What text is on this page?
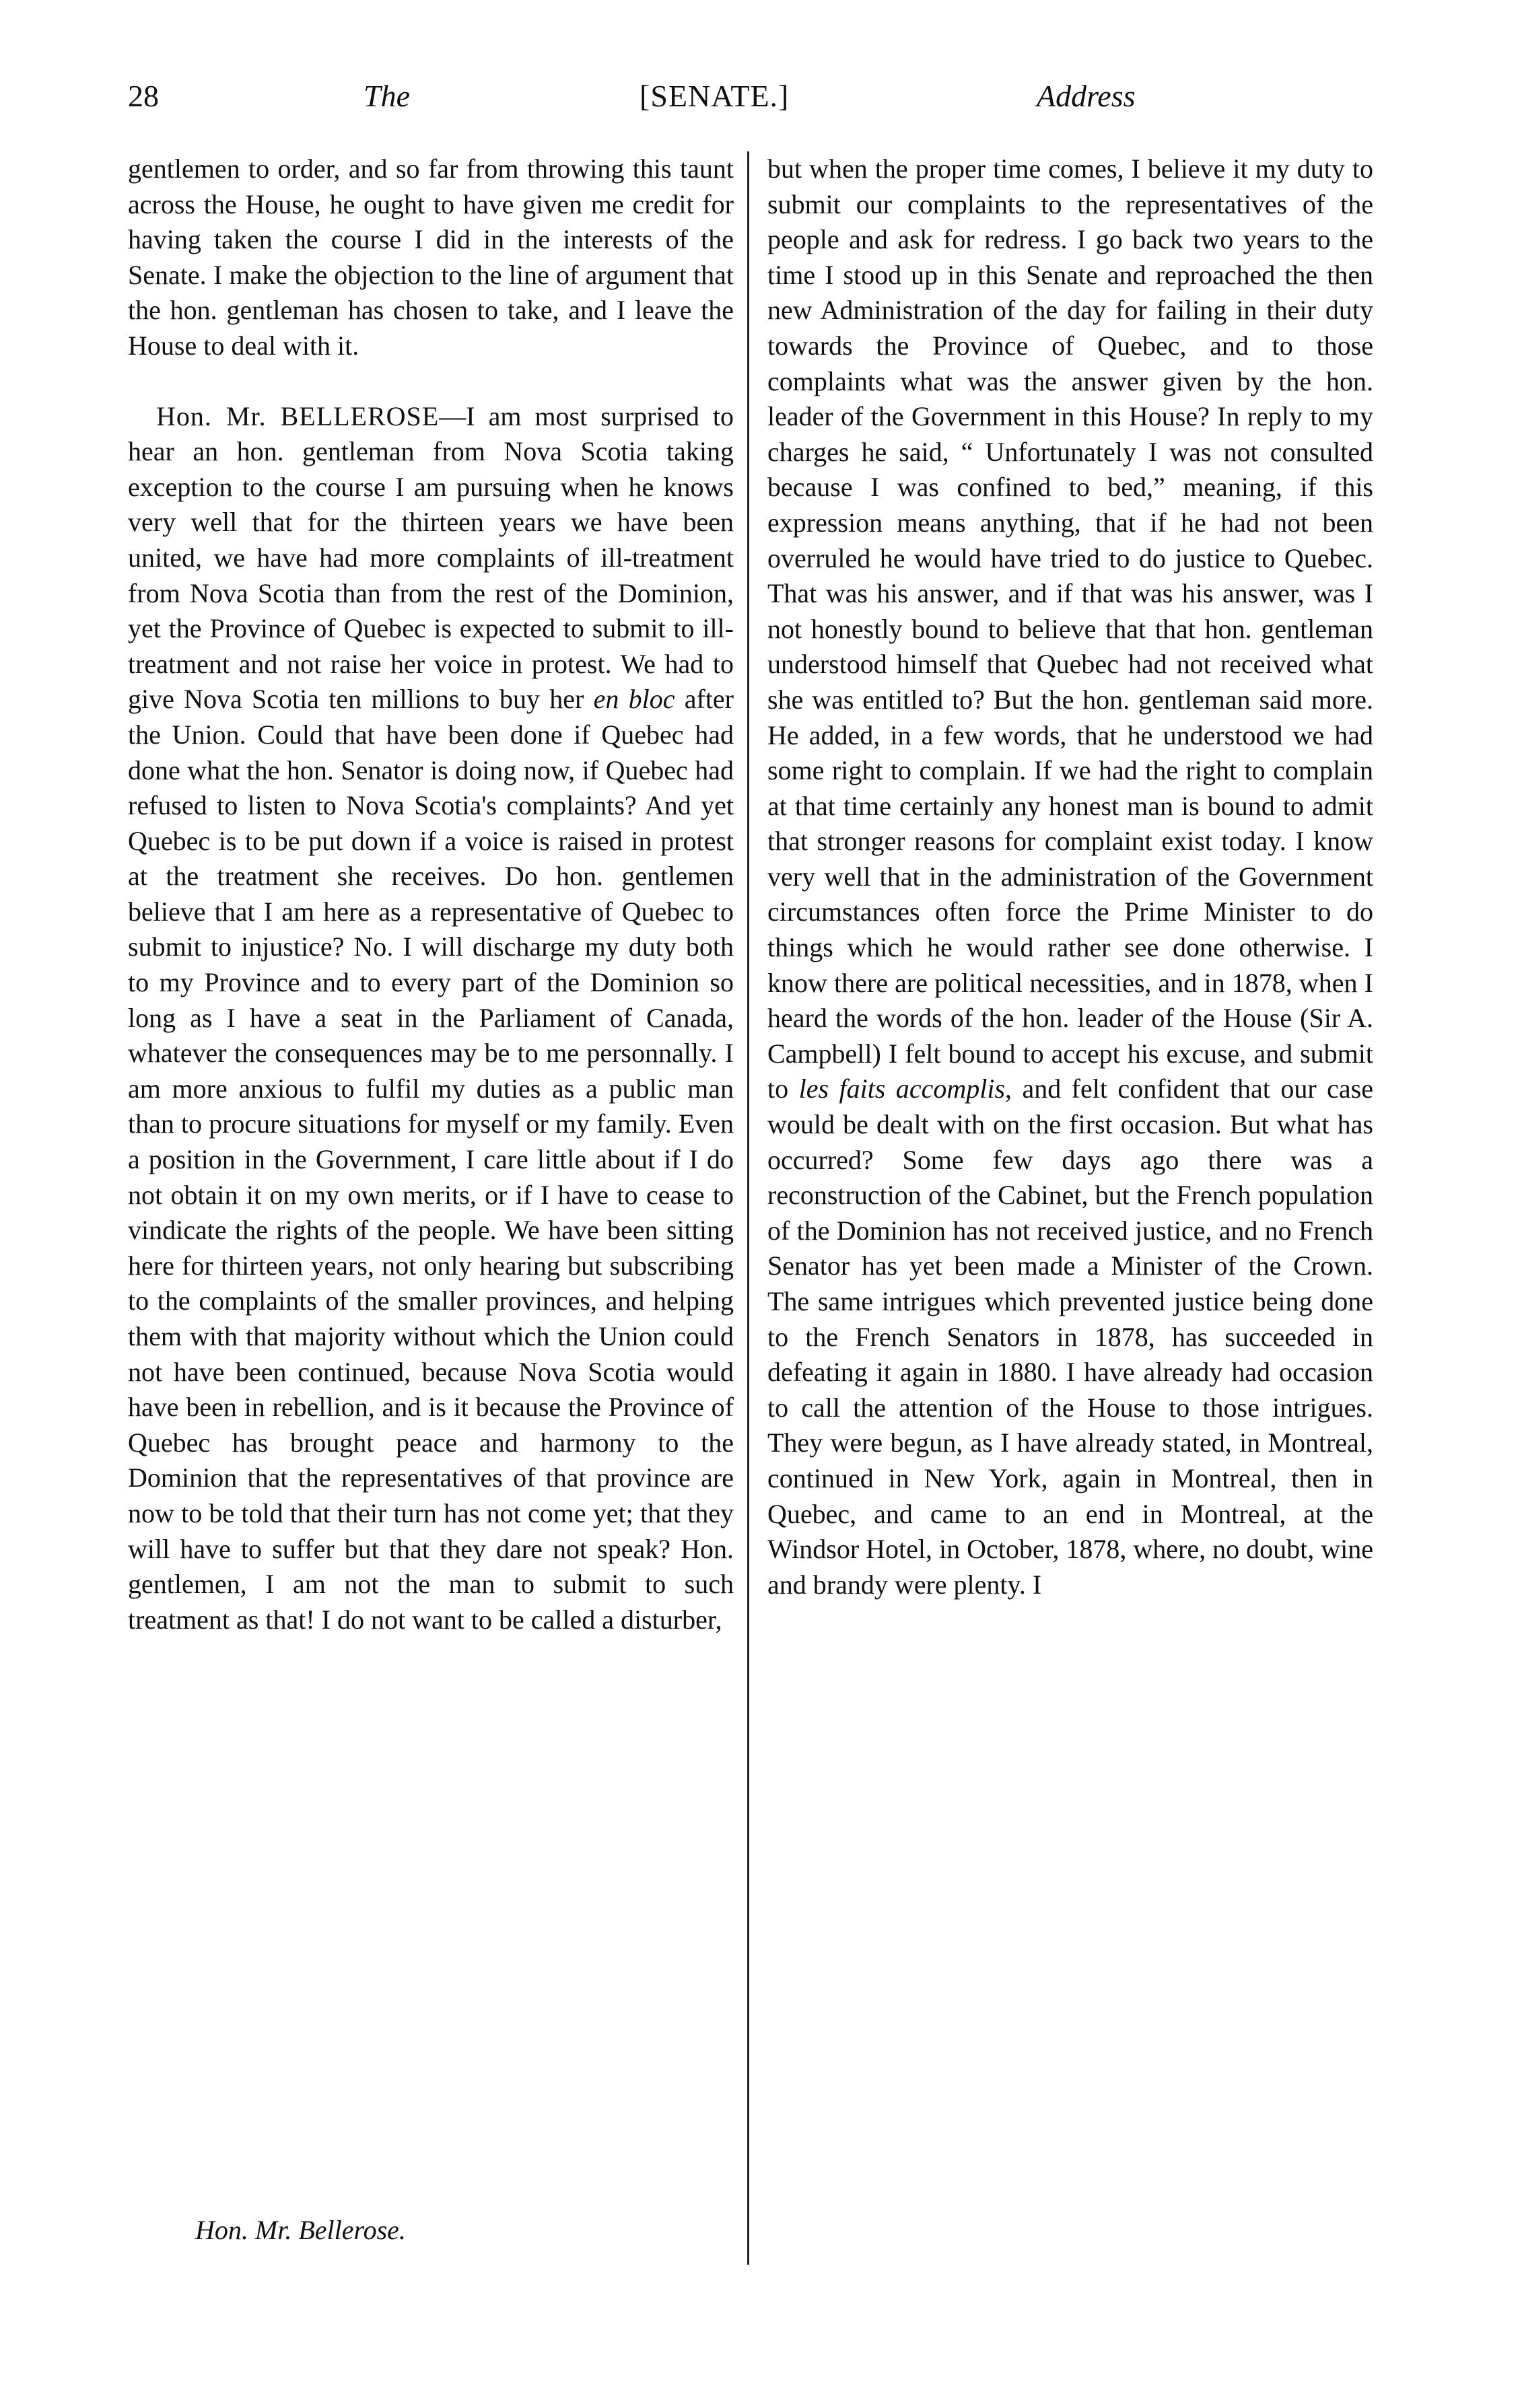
28	The	[SENATE.]	Address

gentlemen to order, and so far from throwing this taunt across the House, he ought to have given me credit for having taken the course I did in the interests of the Senate. I make the objection to the line of argument that the hon. gentleman has chosen to take, and I leave the House to deal with it.

Hon. Mr. BELLEROSE—I am most surprised to hear an hon. gentleman from Nova Scotia taking exception to the course I am pursuing when he knows very well that for the thirteen years we have been united, we have had more complaints of ill-treatment from Nova Scotia than from the rest of the Dominion, yet the Province of Quebec is expected to submit to ill-treatment and not raise her voice in protest. We had to give Nova Scotia ten millions to buy her en bloc after the Union. Could that have been done if Quebec had done what the hon. Senator is doing now, if Quebec had refused to listen to Nova Scotia's complaints? And yet Quebec is to be put down if a voice is raised in protest at the treatment she receives. Do hon. gentlemen believe that I am here as a representative of Quebec to submit to injustice? No. I will discharge my duty both to my Province and to every part of the Dominion so long as I have a seat in the Parliament of Canada, whatever the consequences may be to me personnally. I am more anxious to fulfil my duties as a public man than to procure situations for myself or my family. Even a position in the Government, I care little about if I do not obtain it on my own merits, or if I have to cease to vindicate the rights of the people. We have been sitting here for thirteen years, not only hearing but subscribing to the complaints of the smaller provinces, and helping them with that majority without which the Union could not have been continued, because Nova Scotia would have been in rebellion, and is it because the Province of Quebec has brought peace and harmony to the Dominion that the representatives of that province are now to be told that their turn has not come yet; that they will have to suffer but that they dare not speak? Hon. gentlemen, I am not the man to submit to such treatment as that! I do not want to be called a disturber,

but when the proper time comes, I believe it my duty to submit our complaints to the representatives of the people and ask for redress. I go back two years to the time I stood up in this Senate and reproached the then new Administration of the day for failing in their duty towards the Province of Quebec, and to those complaints what was the answer given by the hon. leader of the Government in this House? In reply to my charges he said, “ Unfortunately I was not consulted because I was confined to bed,” meaning, if this expression means anything, that if he had not been overruled he would have tried to do justice to Quebec. That was his answer, and if that was his answer, was I not honestly bound to believe that that hon. gentleman understood himself that Quebec had not received what she was entitled to? But the hon. gentleman said more. He added, in a few words, that he understood we had some right to complain. If we had the right to complain at that time certainly any honest man is bound to admit that stronger reasons for complaint exist today. I know very well that in the administration of the Government circumstances often force the Prime Minister to do things which he would rather see done otherwise. I know there are political necessities, and in 1878, when I heard the words of the hon. leader of the House (Sir A. Campbell) I felt bound to accept his excuse, and submit to les faits accomplis, and felt confident that our case would be dealt with on the first occasion. But what has occurred? Some few days ago there was a reconstruction of the Cabinet, but the French population of the Dominion has not received justice, and no French Senator has yet been made a Minister of the Crown. The same intrigues which prevented justice being done to the French Senators in 1878, has succeeded in defeating it again in 1880. I have already had occasion to call the attention of the House to those intrigues. They were begun, as I have already stated, in Montreal, continued in New York, again in Montreal, then in Quebec, and came to an end in Montreal, at the Windsor Hotel, in October, 1878, where, no doubt, wine and brandy were plenty. I

Hon. Mr. Bellerose.
